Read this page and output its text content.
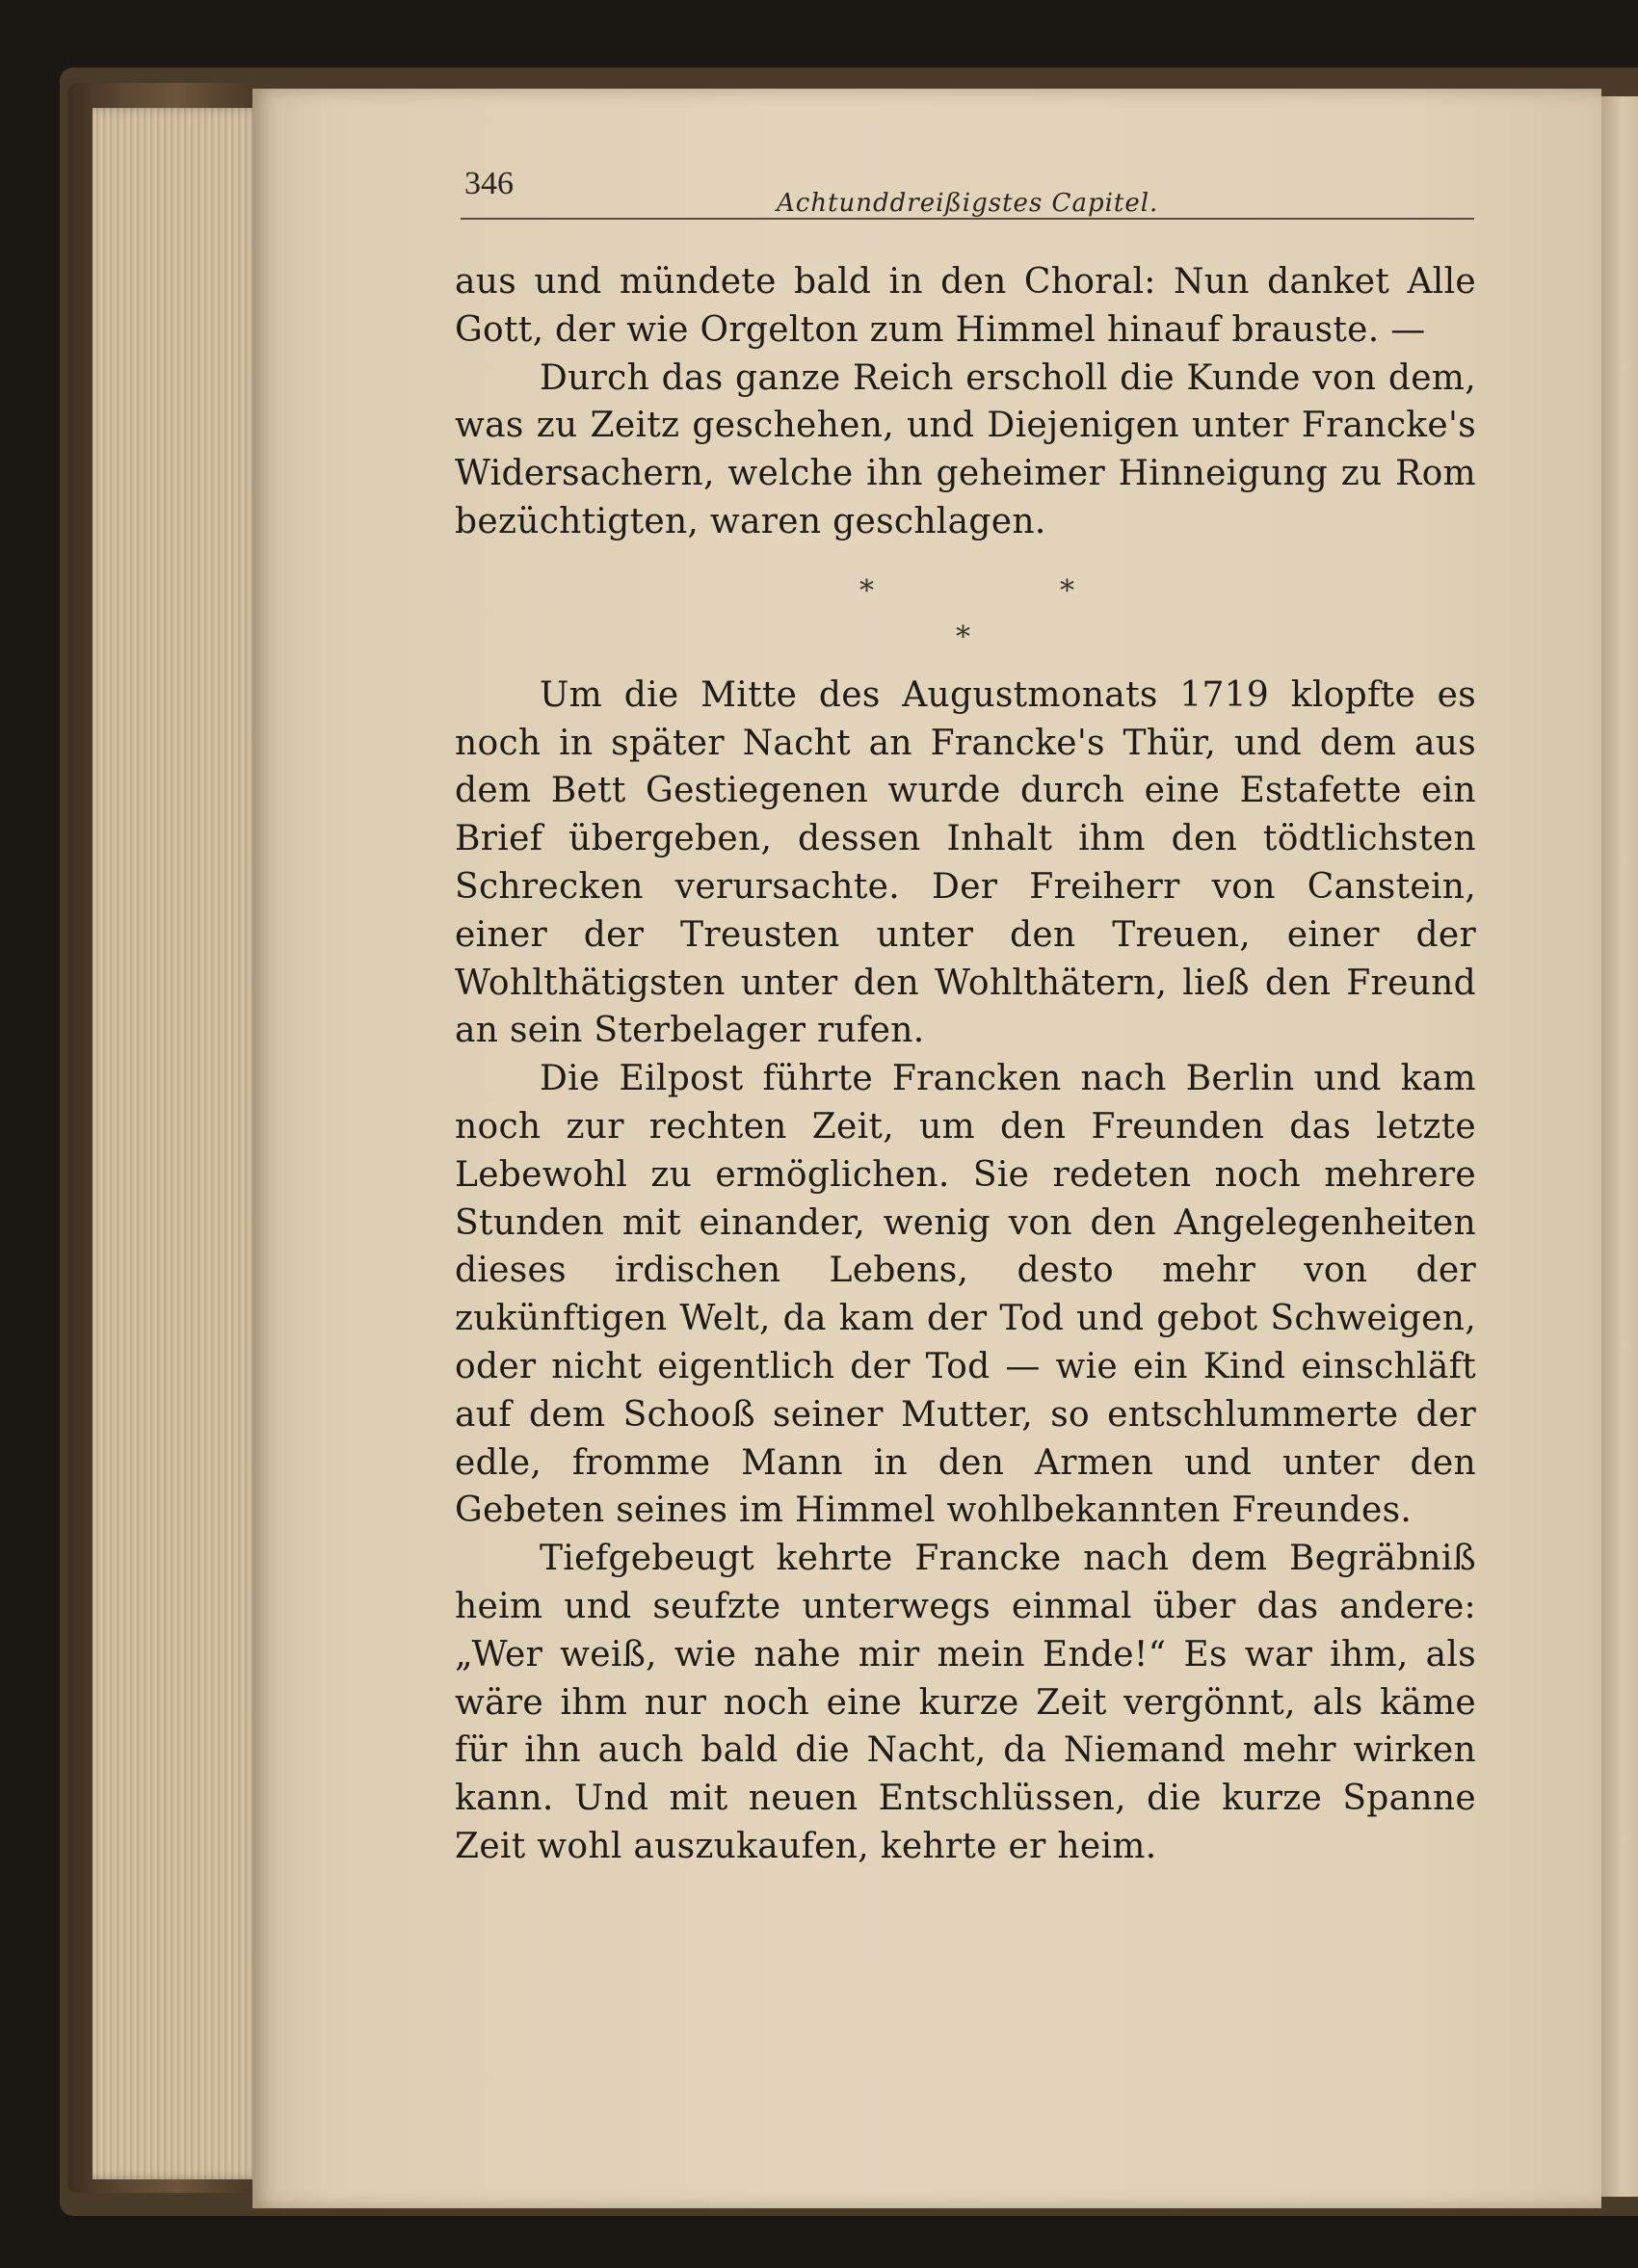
346

Achtunddreißigstes Capitel.

aus und mündete bald in den Choral: Nun danket Alle Gott, der wie Orgelton zum Himmel hinauf brauste. —

Durch das ganze Reich erscholl die Kunde von dem, was zu Zeitz geschehen, und Diejenigen unter Francke's Widersachern, welche ihn geheimer Hinneigung zu Rom bezüchtigten, waren geschlagen.

*	*
*

Um die Mitte des Augustmonats 1719 klopfte es noch in später Nacht an Francke's Thür, und dem aus dem Bett Gestiegenen wurde durch eine Estafette ein Brief übergeben, dessen Inhalt ihm den tödtlichsten Schrecken verursachte. Der Freiherr von Canstein, einer der Treusten unter den Treuen, einer der Wohlthätigsten unter den Wohlthätern, ließ den Freund an sein Sterbelager rufen.

Die Eilpost führte Francken nach Berlin und kam noch zur rechten Zeit, um den Freunden das letzte Lebewohl zu ermöglichen. Sie redeten noch mehrere Stunden mit einander, wenig von den Angelegenheiten dieses irdischen Lebens, desto mehr von der zukünftigen Welt, da kam der Tod und gebot Schweigen, oder nicht eigentlich der Tod — wie ein Kind einschläft auf dem Schooß seiner Mutter, so entschlummerte der edle, fromme Mann in den Armen und unter den Gebeten seines im Himmel wohlbekannten Freundes.

Tiefgebeugt kehrte Francke nach dem Begräbniß heim und seufzte unterwegs einmal über das andere: „Wer weiß, wie nahe mir mein Ende!“ Es war ihm, als wäre ihm nur noch eine kurze Zeit vergönnt, als käme für ihn auch bald die Nacht, da Niemand mehr wirken kann. Und mit neuen Entschlüssen, die kurze Spanne Zeit wohl auszukaufen, kehrte er heim.
